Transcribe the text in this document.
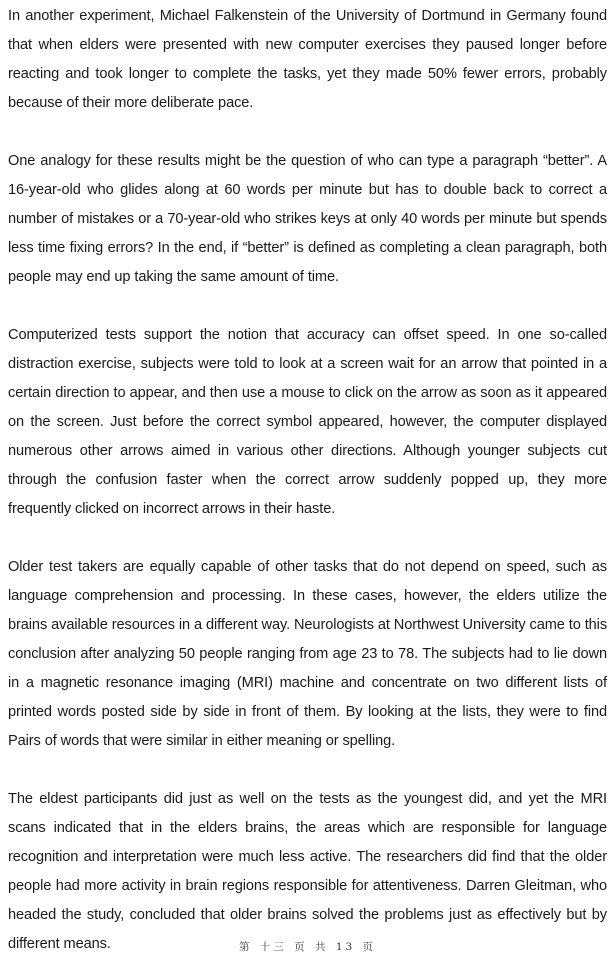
In another experiment, Michael Falkenstein of the University of Dortmund in Germany found that when elders were presented with new computer exercises they paused longer before reacting and took longer to complete the tasks, yet they made 50% fewer errors, probably because of their more deliberate pace.

One analogy for these results might be the question of who can type a paragraph “better”. A 16-year-old who glides along at 60 words per minute but has to double back to correct a number of mistakes or a 70-year-old who strikes keys at only 40 words per minute but spends less time fixing errors? In the end, if “better” is defined as completing a clean paragraph, both people may end up taking the same amount of time.

Computerized tests support the notion that accuracy can offset speed. In one so-called distraction exercise, subjects were told to look at a screen wait for an arrow that pointed in a certain direction to appear, and then use a mouse to click on the arrow as soon as it appeared on the screen. Just before the correct symbol appeared, however, the computer displayed numerous other arrows aimed in various other directions. Although younger subjects cut through the confusion faster when the correct arrow suddenly popped up, they more frequently clicked on incorrect arrows in their haste.

Older test takers are equally capable of other tasks that do not depend on speed, such as language comprehension and processing. In these cases, however, the elders utilize the brains available resources in a different way. Neurologists at Northwest University came to this conclusion after analyzing 50 people ranging from age 23 to 78. The subjects had to lie down in a magnetic resonance imaging (MRI) machine and concentrate on two different lists of printed words posted side by side in front of them. By looking at the lists, they were to find Pairs of words that were similar in either meaning or spelling.

The eldest participants did just as well on the tests as the youngest did, and yet the MRI scans indicated that in the elders brains, the areas which are responsible for language recognition and interpretation were much less active. The researchers did find that the older people had more activity in brain regions responsible for attentiveness. Darren Gleitman, who headed the study, concluded that older brains solved the problems just as effectively but by different means.	第 十三 页 共 13 页
